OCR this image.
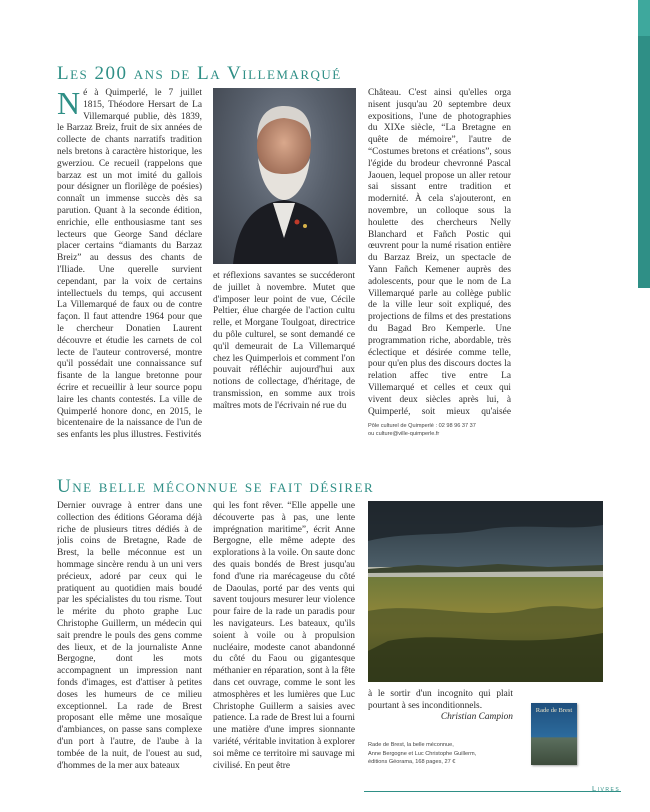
Les 200 ans de La Villemarqué

Né à Quimperlé, le 7 juillet 1815, Théodore Hersart de La Villemarqué publie, dès 1839, le Barzaz Breiz, fruit de six années de collecte de chants narratifs tradition nels bretons à caractère historique, les gwerziou. Ce recueil (rappelons que barzaz est un mot imité du gallois pour désigner un florilège de poésies) connaît un immense succès dès sa parution. Quant à la seconde édition, enrichie, elle enthousiasme tant ses lecteurs que George Sand déclare placer certains “diamants du Barzaz Breiz” au dessus des chants de l'Iliade. Une querelle survient cependant, par la voix de certains intellectuels du temps, qui accusent La Villemarqué de faux ou de contre façon. Il faut attendre 1964 pour que le chercheur Donatien Laurent découvre et étudie les carnets de col lecte de l'auteur controversé, montre qu'il possédait une connaissance suf fisante de la langue bretonne pour écrire et recueillir à leur source popu laire les chants contestés. La ville de Quimperlé honore donc, en 2015, le bicentenaire de la naissance de l'un de ses enfants les plus illustres. Festivités

et réflexions savantes se succéderont de juillet à novembre. Mutet que d'imposer leur point de vue, Cécile Peltier, élue chargée de l'action cultu relle, et Morgane Toulgoat, directrice du pôle culturel, se sont demandé ce qu'il demeurait de La Villemarqué chez les Quimperlois et comment l'on pouvait réfléchir aujourd'hui aux notions de collectage, d'héritage, de transmission, en somme aux trois maîtres mots de l'écrivain né rue du

Château. C'est ainsi qu'elles orga nisent jusqu'au 20 septembre deux expositions, l'une de photographies du XIXe siècle, “La Bretagne en quête de mémoire”, l'autre de “Costumes bretons et créations”, sous l'égide du brodeur chevronné Pascal Jaouen, lequel propose un aller retour sai sissant entre tradition et modernité. À cela s'ajouteront, en novembre, un colloque sous la houlette des chercheurs Nelly Blanchard et Fañch Postic qui œuvrent pour la numé risation entière du Barzaz Breiz, un spectacle de Yann Fañch Kemener auprès des adolescents, pour que le nom de La Villemarqué parle au collège public de la ville leur soit expliqué, des projections de films et des prestations du Bagad Bro Kemperle. Une programmation riche, abordable, très éclectique et désirée comme telle, pour qu'en plus des discours doctes la relation affec tive entre La Villemarqué et celles et ceux qui vivent deux siècles après lui, à Quimperlé, soit mieux qu'aisée

Pôle culturel de Quimperlé : 02 98 96 37 37
ou culture@ville-quimperle.fr
Une belle méconnue se fait désirer

Dernier ouvrage à entrer dans une collection des éditions Géorama déjà riche de plusieurs titres dédiés à de jolis coins de Bretagne, Rade de Brest, la belle méconnue est un hommage sincère rendu à un uni vers précieux, adoré par ceux qui le pratiquent au quotidien mais boudé par les spécialistes du tou risme. Tout le mérite du photo graphe Luc Christophe Guillerm, un médecin qui sait prendre le pouls des gens comme des lieux, et de la journaliste Anne Bergogne, dont les mots accompagnent un impression nant fonds d'images, est d'attiser à petites doses les humeurs de ce milieu exceptionnel. La rade de Brest proposant elle même une mosaïque d'ambiances, on passe sans complexe d'un port à l'autre, de l'aube à la tombée de la nuit, de l'ouest au sud, d'hommes de la mer aux bateaux

qui les font rêver. “Elle appelle une découverte pas à pas, une lente imprégnation maritime”, écrit Anne Bergogne, elle même adepte des explorations à la voile. On saute donc des quais bondés de Brest jusqu'au fond d'une ria marécageuse du côté de Daoulas, porté par des vents qui savent toujours mesurer leur violence pour faire de la rade un paradis pour les navigateurs. Les bateaux, qu'ils soient à voile ou à propulsion nucléaire, modeste canot abandonné du côté du Faou ou gigantesque méthanier en réparation, sont à la fête dans cet ouvrage, comme le sont les atmosphères et les lumières que Luc Christophe Guillerm a saisies avec patience. La rade de Brest lui a fourni une matière d'une impres sionnante variété, véritable invitation à explorer soi même ce territoire mi sauvage mi civilisé. En peut être

à le sortir d'un incognito qui plait pourtant à ses inconditionnels.
Christian Campion
Rade de Brest, la belle méconnue,
Anne Bergogne et Luc Christophe Guillerm,
éditions Géorama, 168 pages, 27 €
Rade de Brest
Livres
